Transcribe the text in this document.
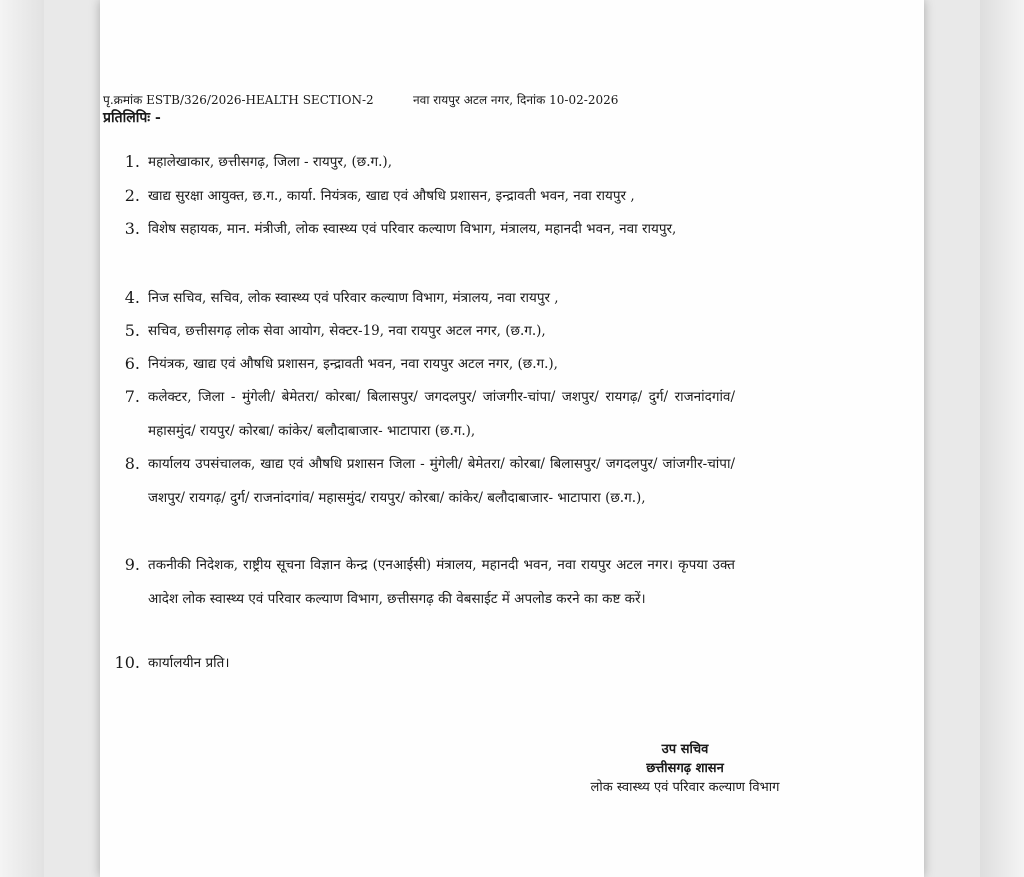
पृ.क्रमांक ESTB/326/2026-HEALTH SECTION-2	नवा रायपुर अटल नगर, दिनांक 10-02-2026
प्रतिलिपिः -
1. महालेखाकार, छत्तीसगढ़, जिला - रायपुर, (छ.ग.),
2. खाद्य सुरक्षा आयुक्त, छ.ग., कार्या. नियंत्रक, खाद्य एवं औषधि प्रशासन, इन्द्रावती भवन, नवा रायपुर ,
3. विशेष सहायक, मान. मंत्रीजी, लोक स्वास्थ्य एवं परिवार कल्याण विभाग, मंत्रालय, महानदी भवन, नवा रायपुर,
4. निज सचिव, सचिव, लोक स्वास्थ्य एवं परिवार कल्याण विभाग, मंत्रालय, नवा रायपुर ,
5. सचिव, छत्तीसगढ़ लोक सेवा आयोग, सेक्टर-19, नवा रायपुर अटल नगर, (छ.ग.),
6. नियंत्रक, खाद्य एवं औषधि प्रशासन, इन्द्रावती भवन, नवा रायपुर अटल नगर, (छ.ग.),
7. कलेक्टर, जिला - मुंगेली/ बेमेतरा/ कोरबा/ बिलासपुर/ जगदलपुर/ जांजगीर-चांपा/ जशपुर/ रायगढ़/ दुर्ग/ राजनांदगांव/ महासमुंद/ रायपुर/ कोरबा/ कांकेर/ बलौदाबाजार- भाटापारा (छ.ग.),
8. कार्यालय उपसंचालक, खाद्य एवं औषधि प्रशासन जिला - मुंगेली/ बेमेतरा/ कोरबा/ बिलासपुर/ जगदलपुर/ जांजगीर-चांपा/ जशपुर/ रायगढ़/ दुर्ग/ राजनांदगांव/ महासमुंद/ रायपुर/ कोरबा/ कांकेर/ बलौदाबाजार- भाटापारा (छ.ग.),
9. तकनीकी निदेशक, राष्ट्रीय सूचना विज्ञान केन्द्र (एनआईसी) मंत्रालय, महानदी भवन, नवा रायपुर अटल नगर। कृपया उक्त आदेश लोक स्वास्थ्य एवं परिवार कल्याण विभाग, छत्तीसगढ़ की वेबसाईट में अपलोड करने का कष्ट करें।
10. कार्यालयीन प्रति।
उप सचिव
छत्तीसगढ़ शासन
लोक स्वास्थ्य एवं परिवार कल्याण विभाग
